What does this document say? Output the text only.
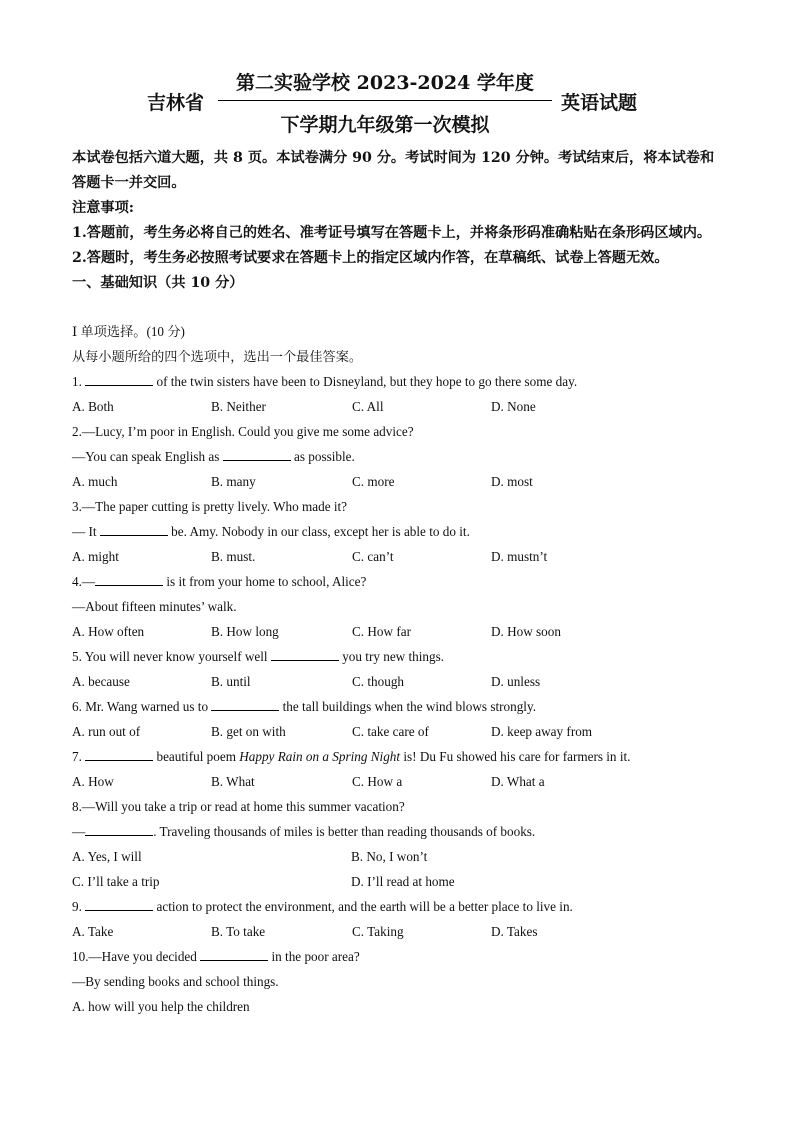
吉林省
第二实验学校 2023-2024 学年度
下学期九年级第一次模拟
英语试题

本试卷包括六道大题，共 8 页。本试卷满分 90 分。考试时间为 120 分钟。考试结束后，将本试卷和答题卡一并交回。

注意事项:

1.答题前，考生务必将自己的姓名、准考证号填写在答题卡上，并将条形码准确粘贴在条形码区域内。

2.答题时，考生务必按照考试要求在答题卡上的指定区域内作答，在草稿纸、试卷上答题无效。

一、基础知识（共 10 分）

Ⅰ 单项选择。(10 分)
从每小题所给的四个选项中，选出一个最佳答案。
1.	of the twin sisters have been to Disneyland, but they hope to go there some day.
A. Both	B. Neither	C. All	D. None
2.—Lucy, I’m poor in English. Could you give me some advice?
—You can speak English as	as possible.
A. much	B. many	C. more	D. most
3.—The paper cutting is pretty lively. Who made it?
— It	be. Amy. Nobody in our class, except her is able to do it.
A. might	B. must.	C. can’t	D. mustn’t
4.—	is it from your home to school, Alice?
—About fifteen minutes’ walk.
A. How often	B. How long	C. How far	D. How soon
5. You will never know yourself well	you try new things.
A. because	B. until	C. though	D. unless
6. Mr. Wang warned us to	the tall buildings when the wind blows strongly.
A. run out of	B. get on with	C. take care of	D. keep away from
7.	beautiful poem Happy Rain on a Spring Night is! Du Fu showed his care for farmers in it.
A. How	B. What	C. How a	D. What a
8.—Will you take a trip or read at home this summer vacation?
—	. Traveling thousands of miles is better than reading thousands of books.
A. Yes, I will	B. No, I won’t
C. I’ll take a trip	D. I’ll read at home
9.	action to protect the environment, and the earth will be a better place to live in.
A. Take	B. To take	C. Taking	D. Takes
10.—Have you decided	in the poor area?
—By sending books and school things.
A. how will you help the children
